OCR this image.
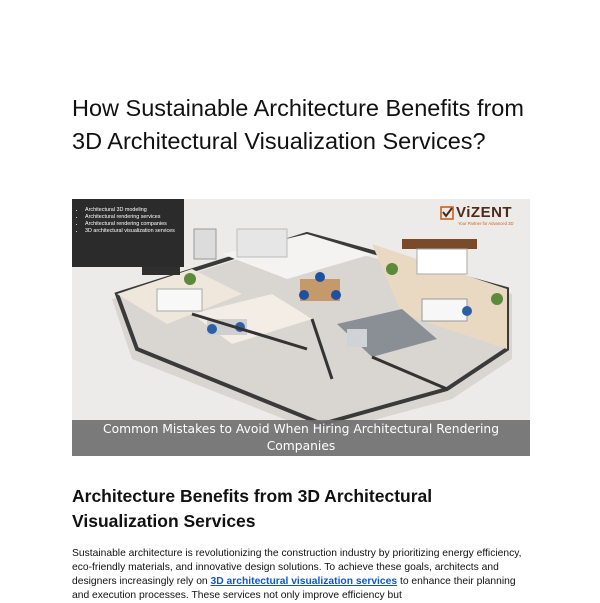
How Sustainable Architecture Benefits from 3D Architectural Visualization Services?
• Architectural 3D modeling
• Architectural rendering services
• Architectural rendering companies
• 3D architectural visualization services
ViZENT
Your Partner for Advanced 3D
Common Mistakes to Avoid When Hiring Architectural Rendering Companies
Architecture Benefits from 3D Architectural Visualization Services

Sustainable architecture is revolutionizing the construction industry by prioritizing energy efficiency, eco-friendly materials, and innovative design solutions. To achieve these goals, architects and designers increasingly rely on 3D architectural visualization services to enhance their planning and execution processes. These services not only improve efficiency but
